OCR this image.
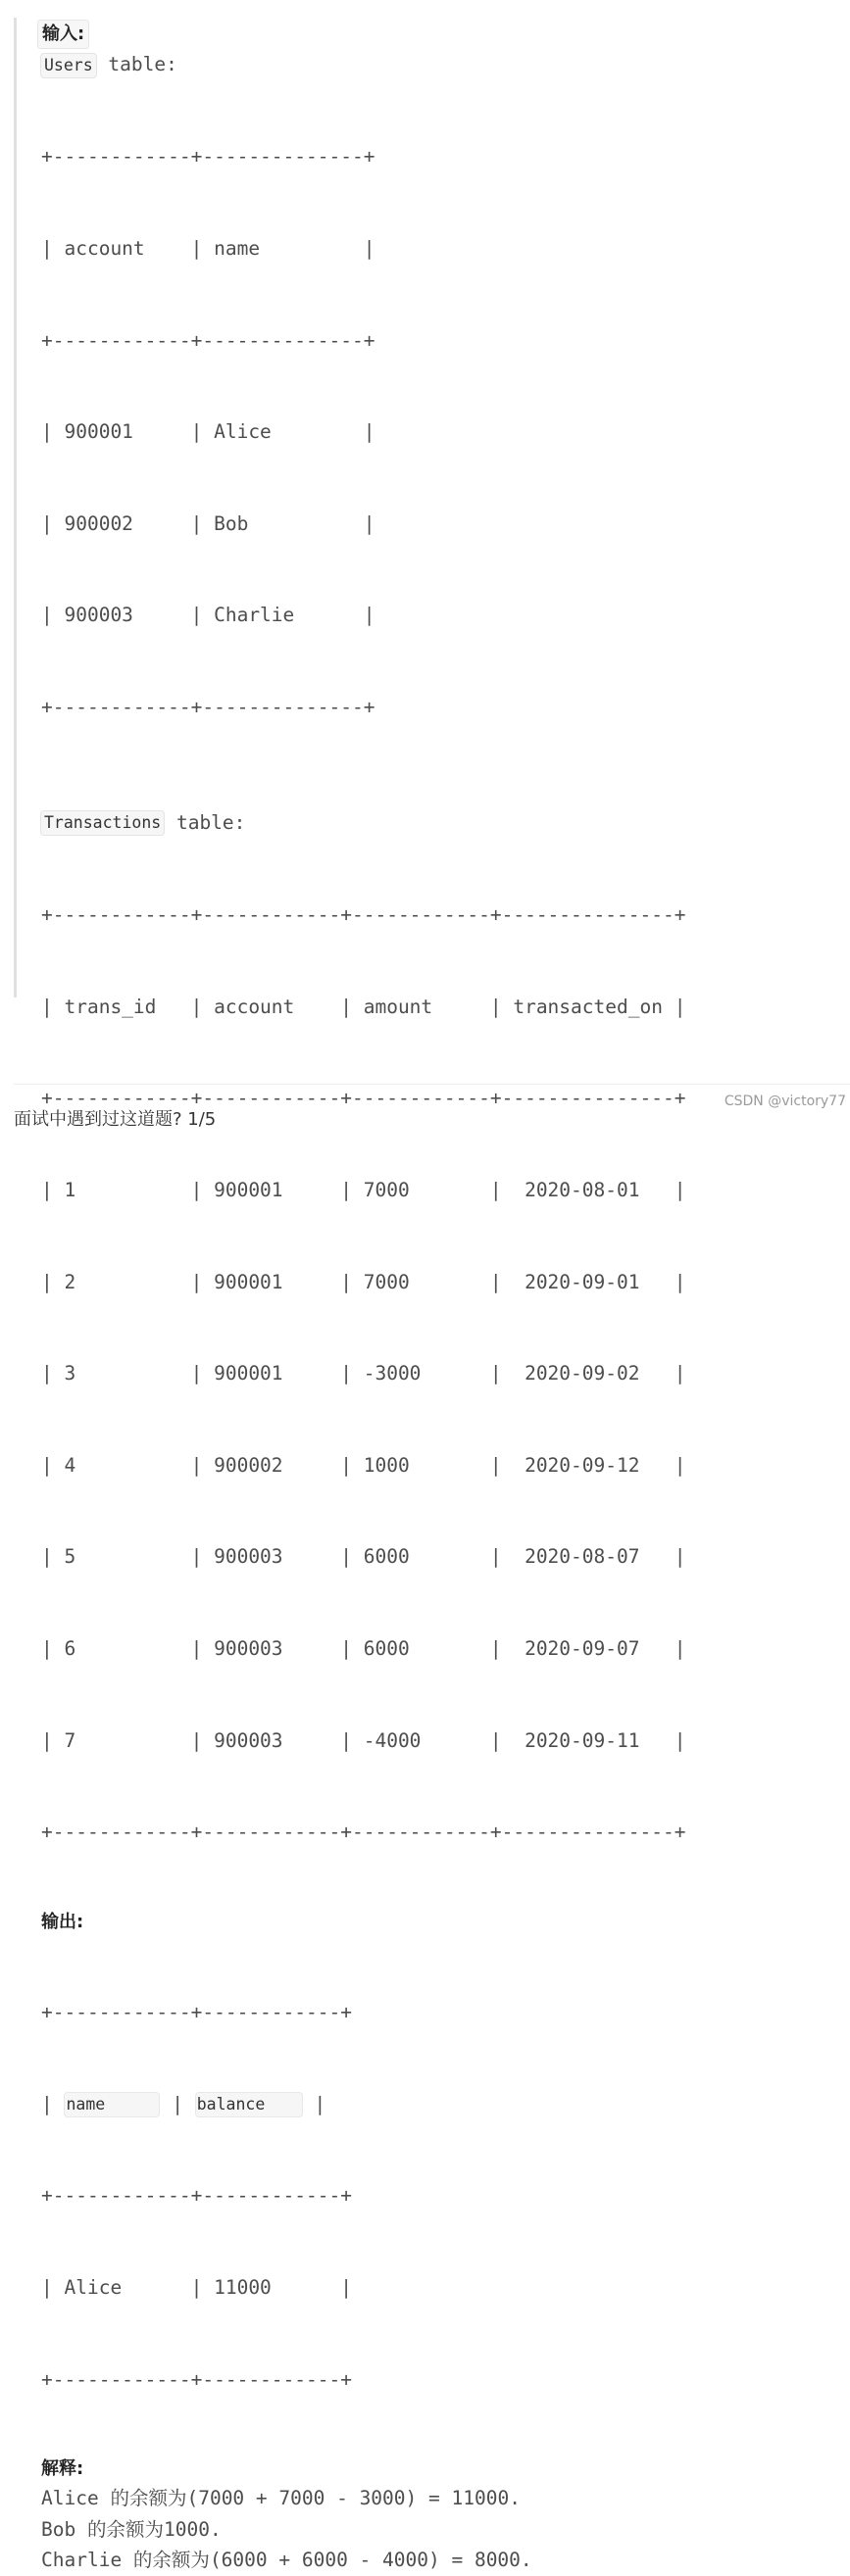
输入:
Users table:

+------------+--------------+

| account    | name         |

+------------+--------------+

| 900001     | Alice        |

| 900002     | Bob          |

| 900003     | Charlie      |

+------------+--------------+

Transactions table:

+------------+------------+------------+---------------+

| trans_id   | account    | amount     | transacted_on |

+------------+------------+------------+---------------+

| 1          | 900001     | 7000       |  2020-08-01   |

| 2          | 900001     | 7000       |  2020-09-01   |

| 3          | 900001     | -3000      |  2020-09-02   |

| 4          | 900002     | 1000       |  2020-09-12   |

| 5          | 900003     | 6000       |  2020-08-07   |

| 6          | 900003     | 6000       |  2020-09-07   |

| 7          | 900003     | -4000      |  2020-09-11   |

+------------+------------+------------+---------------+

输出:

+------------+------------+

| name	| balance |

+------------+------------+

| Alice      | 11000      |

+------------+------------+

解释:
Alice 的余额为(7000 + 7000 - 3000) = 11000.
Bob 的余额为1000.
Charlie 的余额为(6000 + 6000 - 4000) = 8000.
面试中遇到过这道题? 1/5
CSDN @victory77
